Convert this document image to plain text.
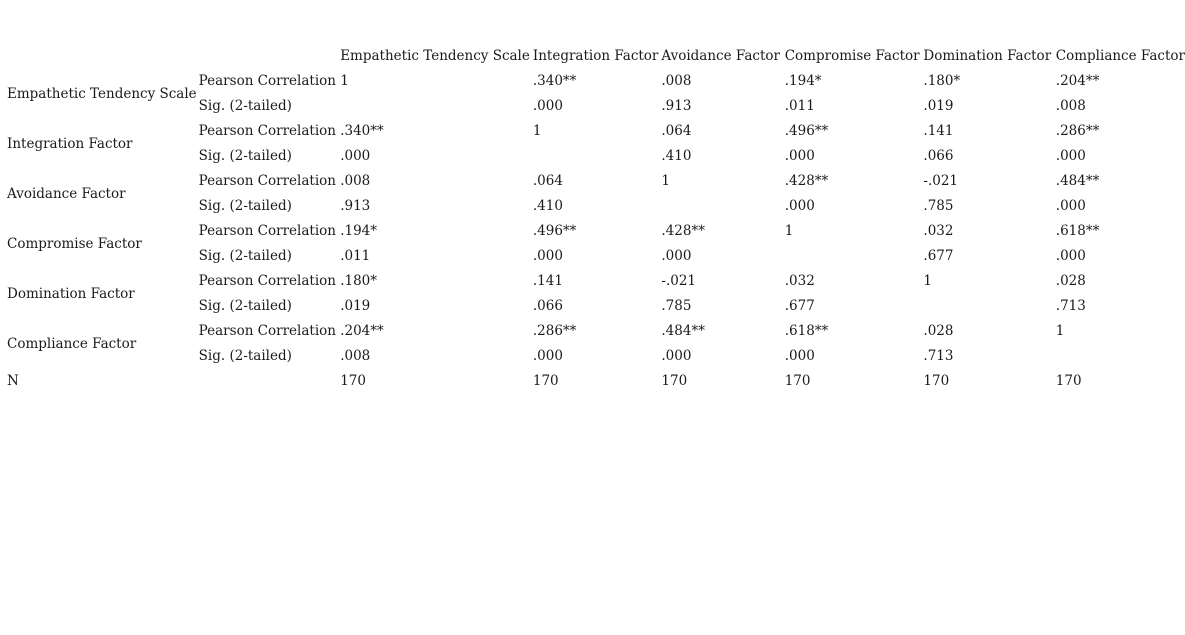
		Empathetic Tendency Scale	Integration Factor	Avoidance Factor	Compromise Factor	Domination Factor	Compliance Factor
Empathetic Tendency Scale	Pearson Correlation	1	.340**	.008	.194*	.180*	.204**
	Sig. (2-tailed)		.000	.913	.011	.019	.008
Integration Factor	Pearson Correlation	.340**	1	.064	.496**	.141	.286**
	Sig. (2-tailed)	.000		.410	.000	.066	.000
Avoidance Factor	Pearson Correlation	.008	.064	1	.428**	-.021	.484**
	Sig. (2-tailed)	.913	.410		.000	.785	.000
Compromise Factor	Pearson Correlation	.194*	.496**	.428**	1	.032	.618**
	Sig. (2-tailed)	.011	.000	.000		.677	.000
Domination Factor	Pearson Correlation	.180*	.141	-.021	.032	1	.028
	Sig. (2-tailed)	.019	.066	.785	.677		.713
Compliance Factor	Pearson Correlation	.204**	.286**	.484**	.618**	.028	1
	Sig. (2-tailed)	.008	.000	.000	.000	.713	
N		170	170	170	170	170	170
